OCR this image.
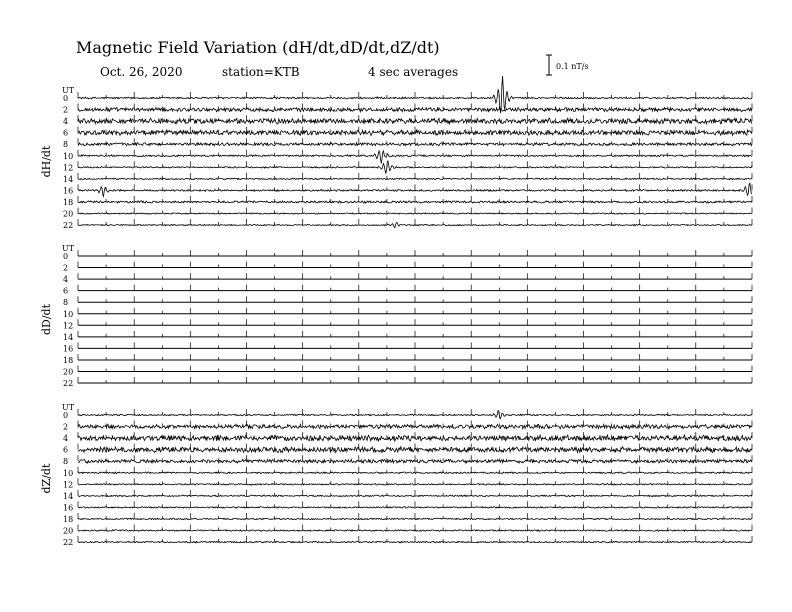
UT
dH/dt
0
2
4
6
8
10
12
14
16
18
20
22
UT
dD/dt
0
2
4
6
8
10
12
14
16
18
20
22
UT
dZ/dt
0
2
4
6
8
10
12
14
16
18
20
22
0.1 nT/s
Magnetic Field Variation (dH/dt,dD/dt,dZ/dt)
Oct. 26, 2020	station=KTB	4 sec averages
